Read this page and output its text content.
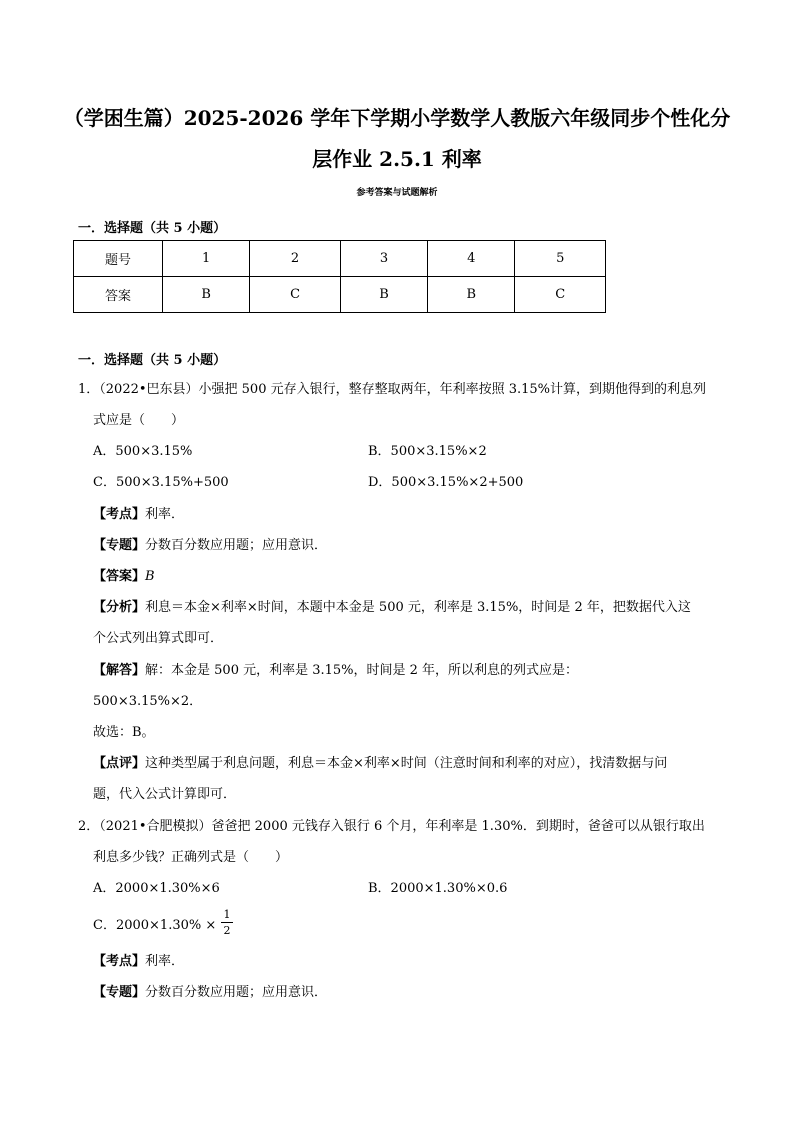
（学困生篇）2025-2026 学年下学期小学数学人教版六年级同步个性化分
层作业 2.5.1 利率
参考答案与试题解析
一．选择题（共 5 小题）
题号	1	2	3	4	5
答案	B	C	B	B	C
一．选择题（共 5 小题）
1．（2022•巴东县）小强把 500 元存入银行，整存整取两年，年利率按照 3.15%计算，到期他得到的利息列
式应是（　　）
A．500×3.15%	B．500×3.15%×2
C．500×3.15%+500	D．500×3.15%×2+500
【考点】利率．
【专题】分数百分数应用题；应用意识．
【答案】B
【分析】利息＝本金×利率×时间，本题中本金是 500 元，利率是 3.15%，时间是 2 年，把数据代入这
个公式列出算式即可．
【解答】解：本金是 500 元，利率是 3.15%，时间是 2 年，所以利息的列式应是：
500×3.15%×2．
故选：B。
【点评】这种类型属于利息问题，利息＝本金×利率×时间（注意时间和利率的对应），找清数据与问
题，代入公式计算即可．
2．（2021•合肥模拟）爸爸把 2000 元钱存入银行 6 个月，年利率是 1.30%．到期时，爸爸可以从银行取出
利息多少钱？正确列式是（　　）
A．2000×1.30%×6	B．2000×1.30%×0.6
C．2000×1.30% ×
1
2
【考点】利率．
【专题】分数百分数应用题；应用意识．
